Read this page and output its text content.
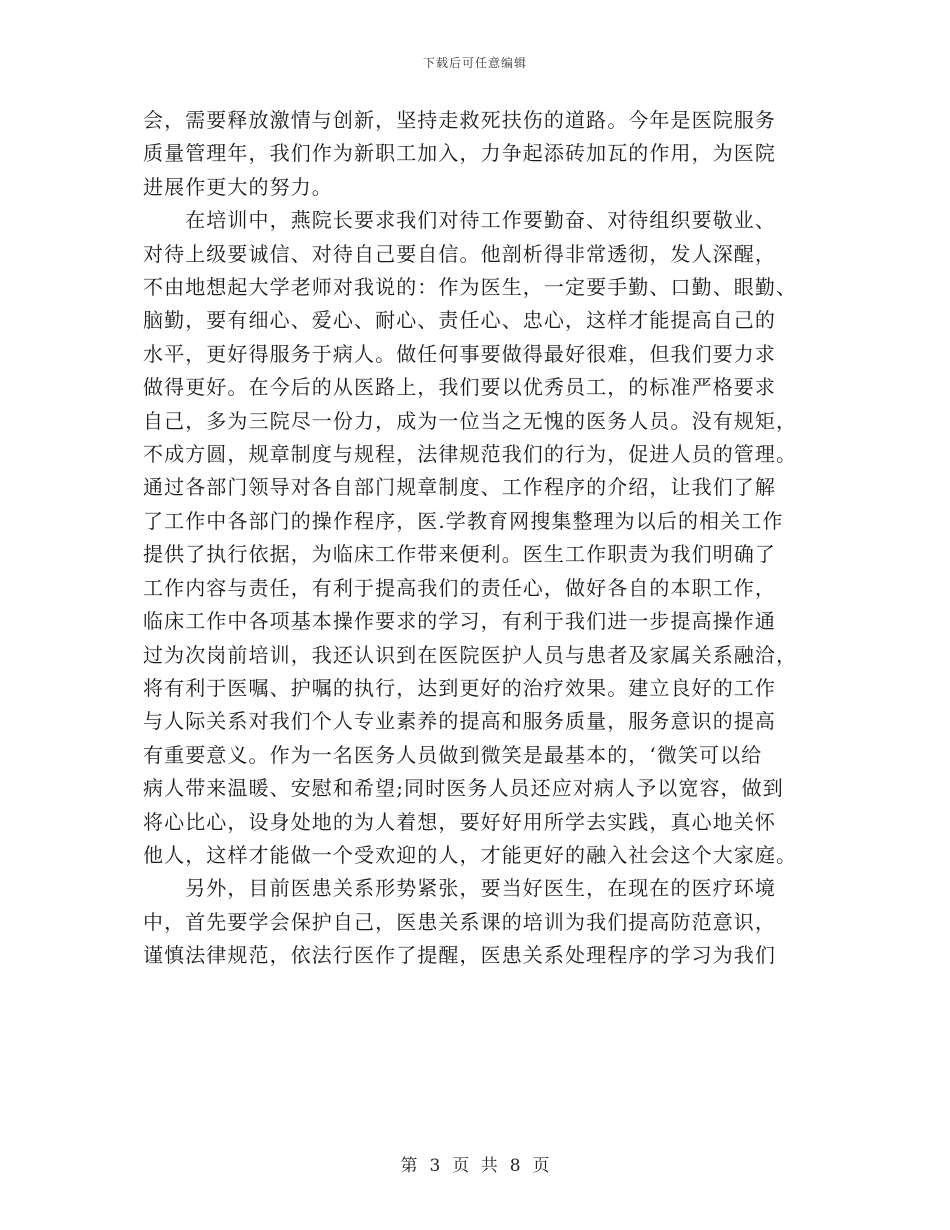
下载后可任意编辑

会，需要释放激情与创新，坚持走救死扶伤的道路。今年是医院服务
质量管理年，我们作为新职工加入，力争起添砖加瓦的作用，为医院
进展作更大的努力。
　　在培训中，燕院长要求我们对待工作要勤奋、对待组织要敬业、
对待上级要诚信、对待自己要自信。他剖析得非常透彻，发人深醒，
不由地想起大学老师对我说的：作为医生，一定要手勤、口勤、眼勤、
脑勤，要有细心、爱心、耐心、责任心、忠心，这样才能提高自己的
水平，更好得服务于病人。做任何事要做得最好很难，但我们要力求
做得更好。在今后的从医路上，我们要以优秀员工，的标准严格要求
自己，多为三院尽一份力，成为一位当之无愧的医务人员。没有规矩，
不成方圆，规章制度与规程，法律规范我们的行为，促进人员的管理。
通过各部门领导对各自部门规章制度、工作程序的介绍，让我们了解
了工作中各部门的操作程序，医.学教育网搜集整理为以后的相关工作
提供了执行依据，为临床工作带来便利。医生工作职责为我们明确了
工作内容与责任，有利于提高我们的责任心，做好各自的本职工作，
临床工作中各项基本操作要求的学习，有利于我们进一步提高操作通
过为次岗前培训，我还认识到在医院医护人员与患者及家属关系融洽，
将有利于医嘱、护嘱的执行，达到更好的治疗效果。建立良好的工作
与人际关系对我们个人专业素养的提高和服务质量，服务意识的提高
有重要意义。作为一名医务人员做到微笑是最基本的，‘微笑可以给
病人带来温暖、安慰和希望;同时医务人员还应对病人予以宽容，做到
将心比心，设身处地的为人着想，要好好用所学去实践，真心地关怀
他人，这样才能做一个受欢迎的人，才能更好的融入社会这个大家庭。
　　另外，目前医患关系形势紧张，要当好医生，在现在的医疗环境
中，首先要学会保护自己，医患关系课的培训为我们提高防范意识，
谨慎法律规范，依法行医作了提醒，医患关系处理程序的学习为我们

第 3 页 共 8 页
